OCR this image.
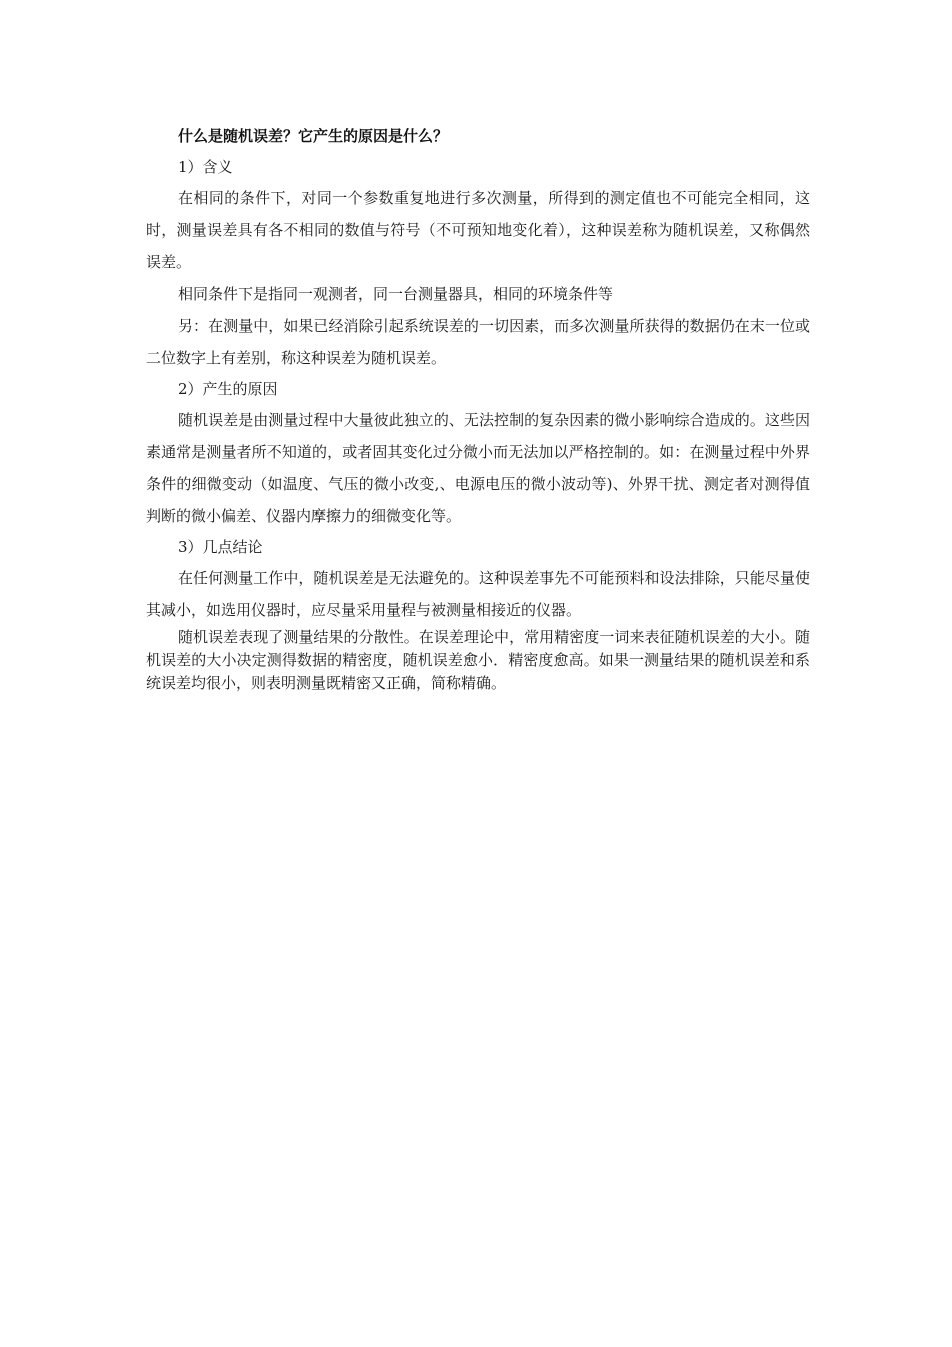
什么是随机误差？它产生的原因是什么？

1）含义

在相同的条件下，对同一个参数重复地进行多次测量，所得到的测定值也不可能完全相同，这时，测量误差具有各不相同的数值与符号（不可预知地变化着），这种误差称为随机误差，又称偶然误差。

相同条件下是指同一观测者，同一台测量器具，相同的环境条件等

另：在测量中，如果已经消除引起系统误差的一切因素，而多次测量所获得的数据仍在末一位或二位数字上有差别，称这种误差为随机误差。

2）产生的原因

随机误差是由测量过程中大量彼此独立的、无法控制的复杂因素的微小影响综合造成的。这些因素通常是测量者所不知道的，或者固其变化过分微小而无法加以严格控制的。如：在测量过程中外界条件的细微变动（如温度、气压的微小改变,、电源电压的微小波动等)、外界干扰、测定者对测得值判断的微小偏差、仪器内摩擦力的细微变化等。

3）几点结论

在任何测量工作中，随机误差是无法避免的。这种误差事先不可能预料和设法排除，只能尽量使其减小，如选用仪器时，应尽量采用量程与被测量相接近的仪器。

随机误差表现了测量结果的分散性。在误差理论中，常用精密度一词来表征随机误差的大小。随机误差的大小决定测得数据的精密度，随机误差愈小．精密度愈高。如果一测量结果的随机误差和系统误差均很小，则表明测量既精密又正确，简称精确。
